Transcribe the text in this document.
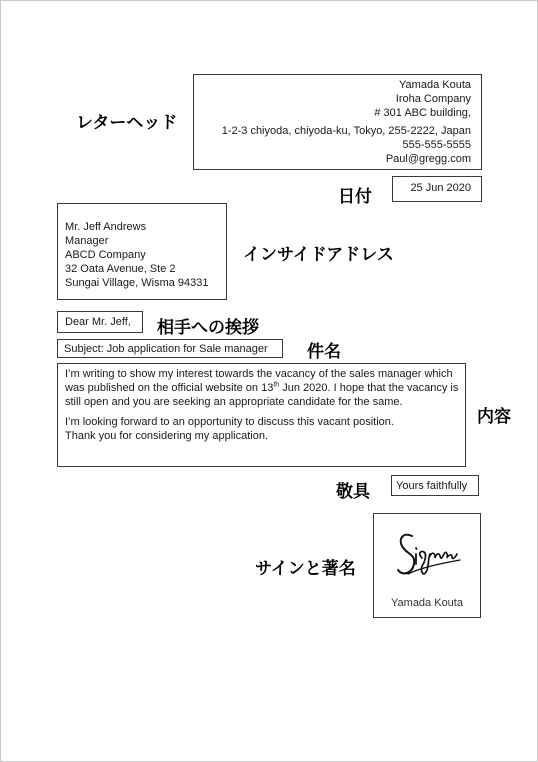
レターヘッド
日付
インサイドアドレス
相手への挨拶
件名
内容
敬具
サインと著名
Yamada Kouta
Iroha Company
# 301 ABC building,
1-2-3 chiyoda, chiyoda-ku, Tokyo, 255-2222, Japan
555-555-5555
Paul@gregg.com
25 Jun 2020
Mr. Jeff Andrews
Manager
ABCD Company
32 Oata Avenue, Ste 2
Sungai Village, Wisma 94331
Dear Mr. Jeff,
Subject: Job application for Sale manager

I’m writing to show my interest towards the vacancy of the sales manager which was published on the official website on 13th Jun 2020. I hope that the vacancy is still open and you are seeking an appropriate candidate for the same.

I’m looking forward to an opportunity to discuss this vacant position.
Thank you for considering my application.

Yours faithfully
Yamada Kouta
